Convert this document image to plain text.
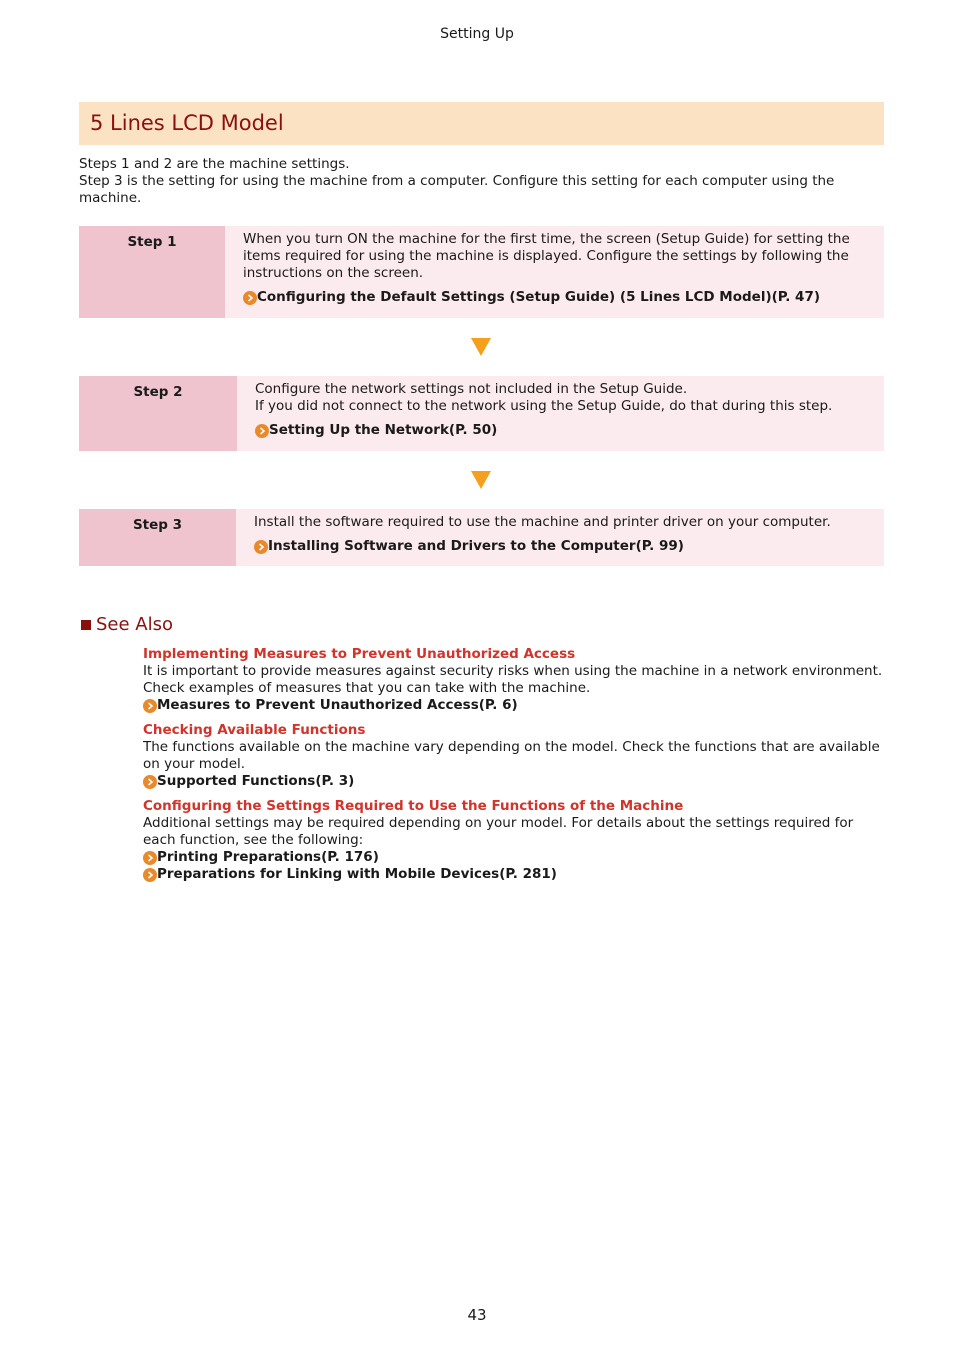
Setting Up
5 Lines LCD Model

Steps 1 and 2 are the machine settings.

Step 3 is the setting for using the machine from a computer. Configure this setting for each computer using the machine.

Step 1	When you turn ON the machine for the first time, the screen (Setup Guide) for setting the items required for using the machine is displayed. Configure the settings by following the instructions on the screen.

Configuring the Default Settings (Setup Guide) (5 Lines LCD Model)(P. 47)
Step 2	Configure the network settings not included in the Setup Guide.

If you did not connect to the network using the Setup Guide, do that during this step.

Setting Up the Network(P. 50)
Step 3	Install the software required to use the machine and printer driver on your computer.

Installing Software and Drivers to the Computer(P. 99)
See Also
Implementing Measures to Prevent Unauthorized Access

It is important to provide measures against security risks when using the machine in a network environment. Check examples of measures that you can take with the machine.

Measures to Prevent Unauthorized Access(P. 6)
Checking Available Functions

The functions available on the machine vary depending on the model. Check the functions that are available on your model.

Supported Functions(P. 3)
Configuring the Settings Required to Use the Functions of the Machine

Additional settings may be required depending on your model. For details about the settings required for each function, see the following:

Printing Preparations(P. 176)
Preparations for Linking with Mobile Devices(P. 281)
43
